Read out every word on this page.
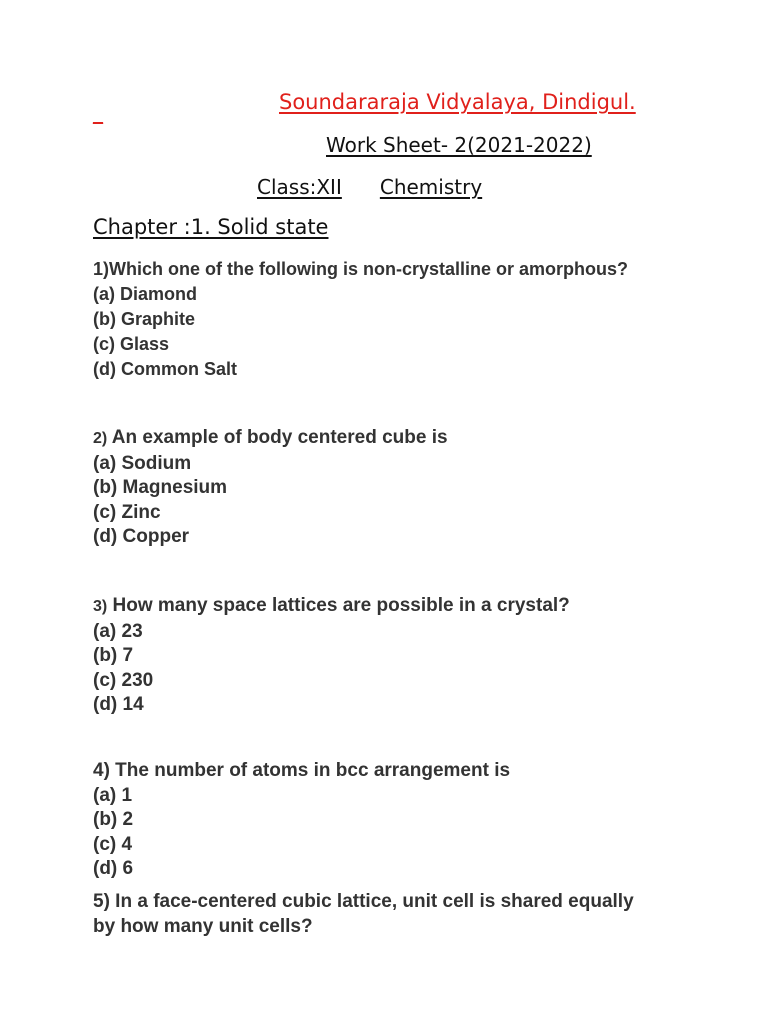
_	Soundararaja Vidyalaya, Dindigul.
Work Sheet- 2(2021-2022)
Class:XII Chemistry
Chapter :1. Solid state
1)Which one of the following is non-crystalline or amorphous?
(a) Diamond
(b) Graphite
(c) Glass
(d) Common Salt
2) An example of body centered cube is
(a) Sodium
(b) Magnesium
(c) Zinc
(d) Copper
3) How many space lattices are possible in a crystal?
(a) 23
(b) 7
(c) 230
(d) 14
4) The number of atoms in bcc arrangement is
(a) 1
(b) 2
(c) 4
(d) 6
5) In a face-centered cubic lattice, unit cell is shared equally by how many unit cells?
